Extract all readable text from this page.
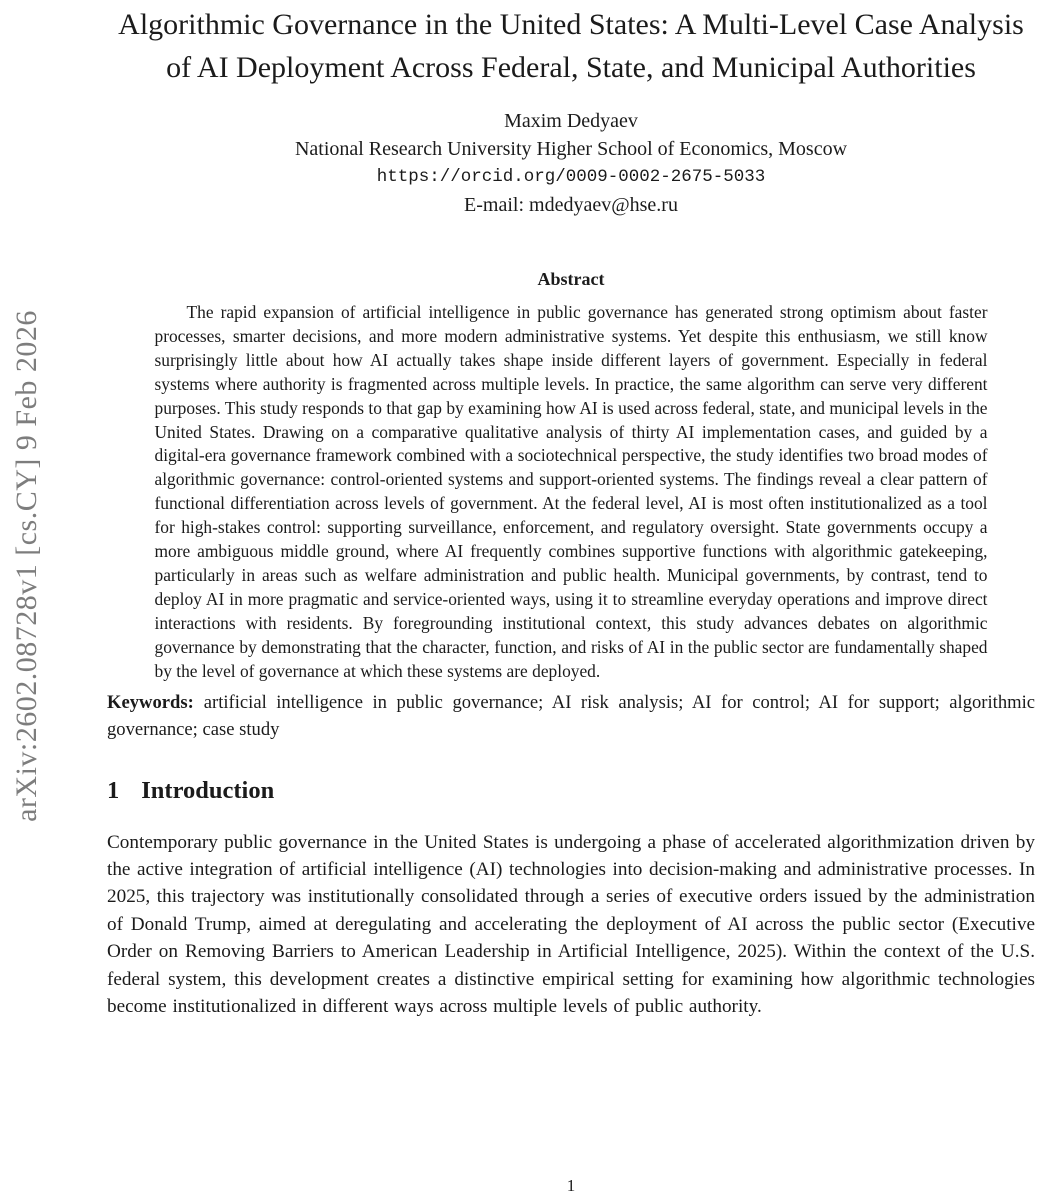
arXiv:2602.08728v1 [cs.CY] 9 Feb 2026
Algorithmic Governance in the United States: A Multi-Level Case Analysis of AI Deployment Across Federal, State, and Municipal Authorities
Maxim Dedyaev
National Research University Higher School of Economics, Moscow
https://orcid.org/0009-0002-2675-5033
E-mail: mdedyaev@hse.ru
Abstract

The rapid expansion of artificial intelligence in public governance has generated strong optimism about faster processes, smarter decisions, and more modern administrative systems. Yet despite this enthusiasm, we still know surprisingly little about how AI actually takes shape inside different layers of government. Especially in federal systems where authority is fragmented across multiple levels. In practice, the same algorithm can serve very different purposes. This study responds to that gap by examining how AI is used across federal, state, and municipal levels in the United States. Drawing on a comparative qualitative analysis of thirty AI implementation cases, and guided by a digital-era governance framework combined with a sociotechnical perspective, the study identifies two broad modes of algorithmic governance: control-oriented systems and support-oriented systems. The findings reveal a clear pattern of functional differentiation across levels of government. At the federal level, AI is most often institutionalized as a tool for high-stakes control: supporting surveillance, enforcement, and regulatory oversight. State governments occupy a more ambiguous middle ground, where AI frequently combines supportive functions with algorithmic gatekeeping, particularly in areas such as welfare administration and public health. Municipal governments, by contrast, tend to deploy AI in more pragmatic and service-oriented ways, using it to streamline everyday operations and improve direct interactions with residents. By foregrounding institutional context, this study advances debates on algorithmic governance by demonstrating that the character, function, and risks of AI in the public sector are fundamentally shaped by the level of governance at which these systems are deployed.

Keywords: artificial intelligence in public governance; AI risk analysis; AI for control; AI for support; algorithmic governance; case study

1 Introduction

Contemporary public governance in the United States is undergoing a phase of accelerated algorithmization driven by the active integration of artificial intelligence (AI) technologies into decision-making and administrative processes. In 2025, this trajectory was institutionally consolidated through a series of executive orders issued by the administration of Donald Trump, aimed at deregulating and accelerating the deployment of AI across the public sector (Executive Order on Removing Barriers to American Leadership in Artificial Intelligence, 2025). Within the context of the U.S. federal system, this development creates a distinctive empirical setting for examining how algorithmic technologies become institutionalized in different ways across multiple levels of public authority.

1
